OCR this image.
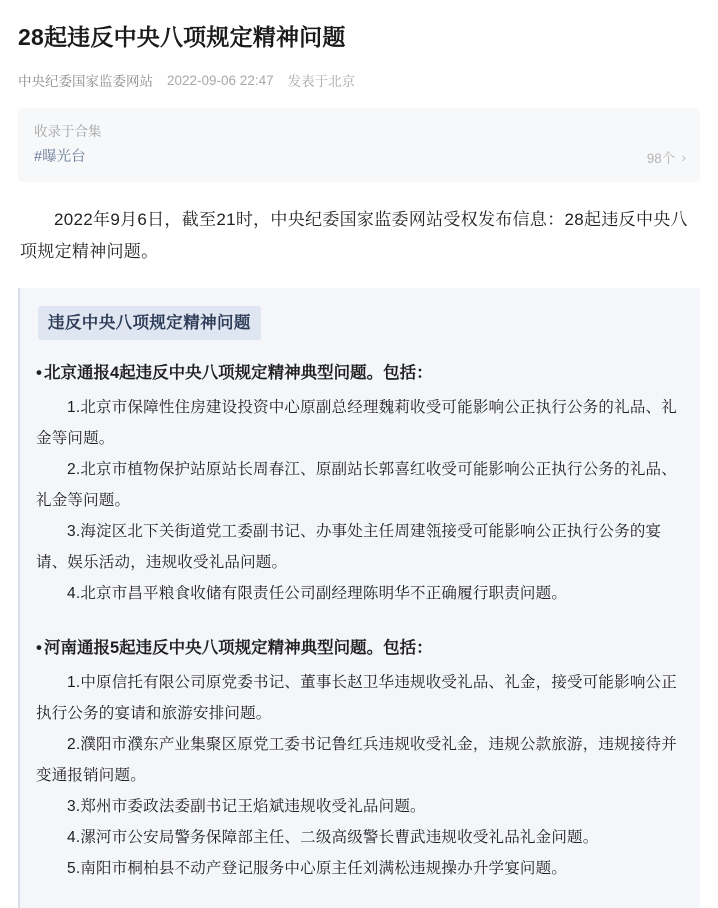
28起违反中央八项规定精神问题
中央纪委国家监委网站 2022-09-06 22:47 发表于北京
收录于合集
#曝光台	98个 ›

2022年9月6日，截至21时，中央纪委国家监委网站受权发布信息：28起违反中央八项规定精神问题。

违反中央八项规定精神问题
• 北京通报4起违反中央八项规定精神典型问题。包括：

1.北京市保障性住房建设投资中心原副总经理魏莉收受可能影响公正执行公务的礼品、礼金等问题。

2.北京市植物保护站原站长周春江、原副站长郭喜红收受可能影响公正执行公务的礼品、礼金等问题。

3.海淀区北下关街道党工委副书记、办事处主任周建瓴接受可能影响公正执行公务的宴请、娱乐活动，违规收受礼品问题。

4.北京市昌平粮食收储有限责任公司副经理陈明华不正确履行职责问题。

• 河南通报5起违反中央八项规定精神典型问题。包括：

1.中原信托有限公司原党委书记、董事长赵卫华违规收受礼品、礼金，接受可能影响公正执行公务的宴请和旅游安排问题。

2.濮阳市濮东产业集聚区原党工委书记鲁红兵违规收受礼金，违规公款旅游，违规接待并变通报销问题。

3.郑州市委政法委副书记王焰斌违规收受礼品问题。

4.漯河市公安局警务保障部主任、二级高级警长曹武违规收受礼品礼金问题。

5.南阳市桐柏县不动产登记服务中心原主任刘满松违规操办升学宴问题。
